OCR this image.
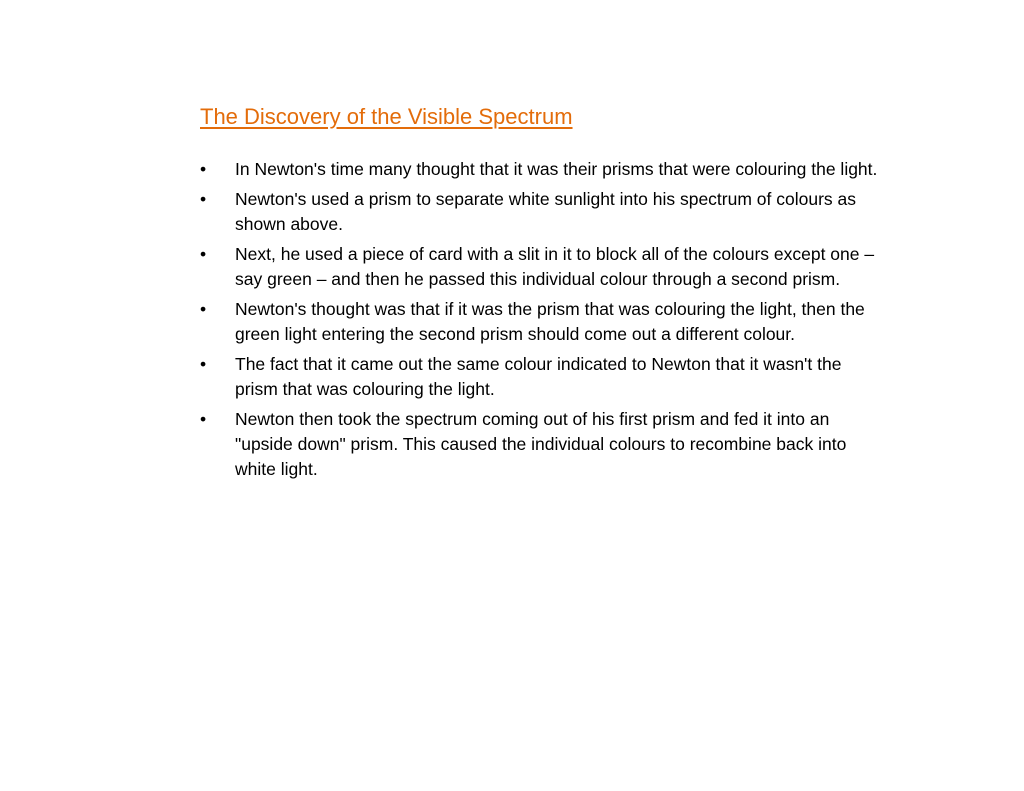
The Discovery of the Visible Spectrum
•	In Newton's time many thought that it was their prisms that were colouring the light.
•	Newton's used a prism to separate white sunlight into his spectrum of colours as shown above.
•	Next, he used a piece of card with a slit in it to block all of the colours except one – say green – and then he passed this individual colour through a second prism.
•	Newton's thought was that if it was the prism that was colouring the light, then the green light entering the second prism should come out a different colour.
•	The fact that it came out the same colour indicated to Newton that it wasn't the prism that was colouring the light.
•	Newton then took the spectrum coming out of his first prism and fed it into an "upside down" prism. This caused the individual colours to recombine back into white light.
